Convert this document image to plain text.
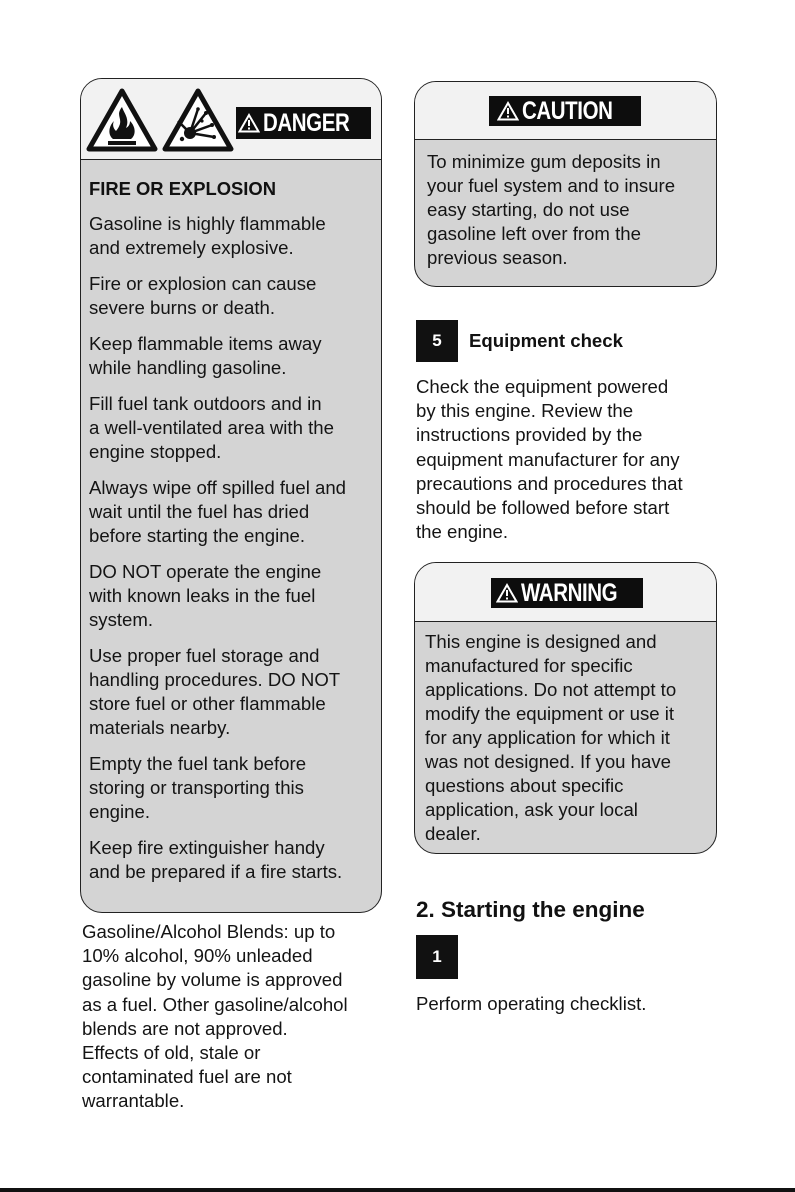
DANGER
FIRE OR EXPLOSION
Gasoline is highly flammable
and extremely explosive.
Fire or explosion can cause
severe burns or death.
Keep flammable items away
while handling gasoline.
Fill fuel tank outdoors and in
a well-ventilated area with the
engine stopped.
Always wipe off spilled fuel and
wait until the fuel has dried
before starting the engine.
DO NOT operate the engine
with known leaks in the fuel
system.
Use proper fuel storage and
handling procedures. DO NOT
store fuel or other flammable
materials nearby.
Empty the fuel tank before
storing or transporting this
engine.
Keep fire extinguisher handy
and be prepared if a fire starts.
Gasoline/Alcohol Blends: up to
10% alcohol, 90% unleaded
gasoline by volume is approved
as a fuel. Other gasoline/alcohol
blends are not approved.
Effects of old, stale or
contaminated fuel are not
warrantable.
CAUTION
To minimize gum deposits in
your fuel system and to insure
easy starting, do not use
gasoline left over from the
previous season.
5	Equipment check
Check the equipment powered
by this engine. Review the
instructions provided by the
equipment manufacturer for any
precautions and procedures that
should be followed before start
the engine.
WARNING
This engine is designed and
manufactured for specific
applications. Do not attempt to
modify the equipment or use it
for any application for which it
was not designed. If you have
questions about specific
application, ask your local
dealer.
2. Starting the engine
1
Perform operating checklist.
